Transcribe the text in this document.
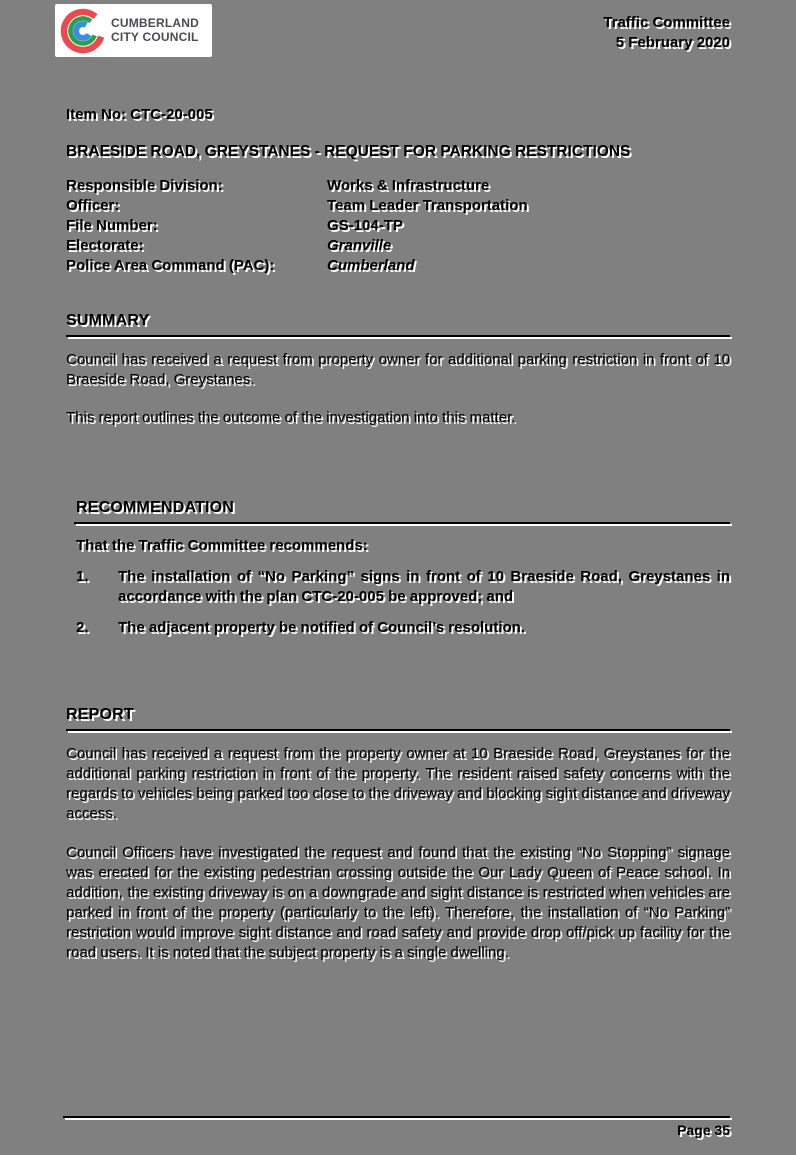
CUMBERLAND
CITY COUNCIL
Traffic Committee
5 February 2020
Item No: CTC-20-005
BRAESIDE ROAD, GREYSTANES - REQUEST FOR PARKING RESTRICTIONS
Responsible Division:	Works & Infrastructure
Officer:	Team Leader Transportation
File Number:	GS-104-TP
Electorate:	Granville
Police Area Command (PAC):	Cumberland
SUMMARY
Council has received a request from property owner for additional parking restriction in front of 10 Braeside Road, Greystanes.
This report outlines the outcome of the investigation into this matter.
RECOMMENDATION
That the Traffic Committee recommends:
1.	The installation of “No Parking” signs in front of 10 Braeside Road, Greystanes in accordance with the plan CTC-20-005 be approved; and
2.	The adjacent property be notified of Council’s resolution.
REPORT
Council has received a request from the property owner at 10 Braeside Road, Greystanes for the additional parking restriction in front of the property. The resident raised safety concerns with the regards to vehicles being parked too close to the driveway and blocking sight distance and driveway access.
Council Officers have investigated the request and found that the existing “No Stopping” signage was erected for the existing pedestrian crossing outside the Our Lady Queen of Peace school. In addition, the existing driveway is on a downgrade and sight distance is restricted when vehicles are parked in front of the property (particularly to the left). Therefore, the installation of “No Parking” restriction would improve sight distance and road safety and provide drop off/pick up facility for the road users. It is noted that the subject property is a single dwelling.
Page 35
